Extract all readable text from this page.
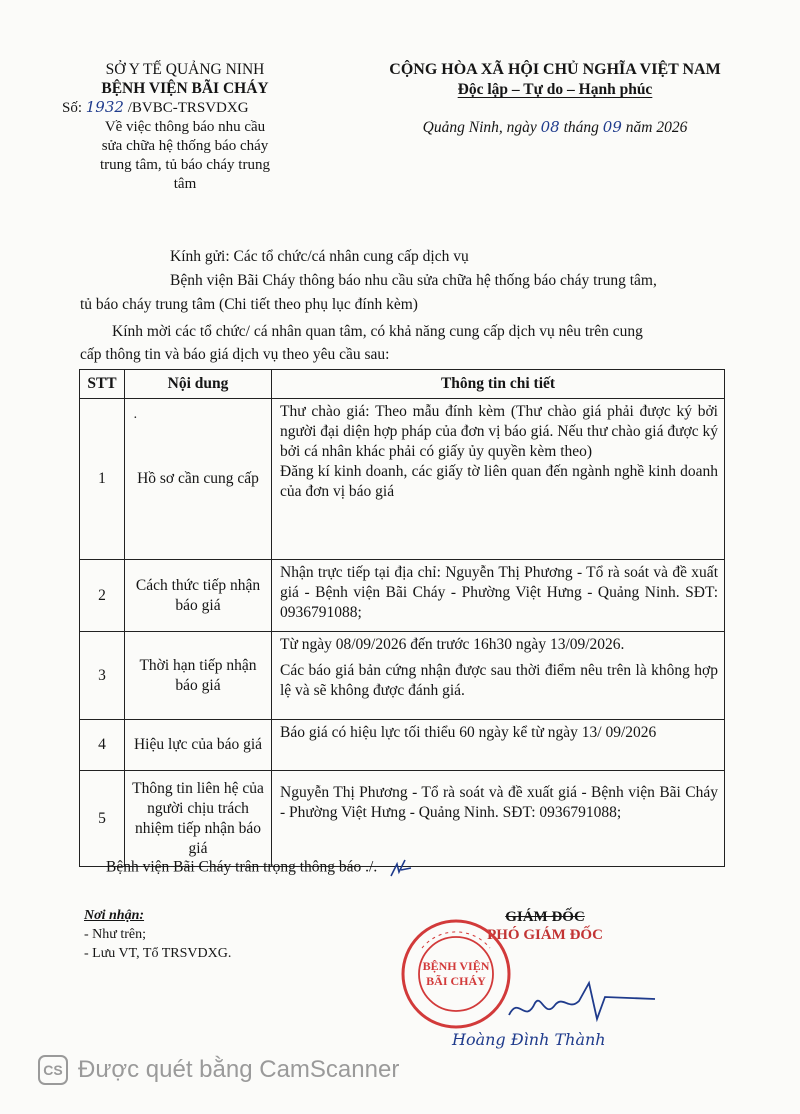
SỞ Y TẾ QUẢNG NINH
BỆNH VIỆN BÃI CHÁY
Số: 1932 /BVBC-TRSVDXG
Về việc thông báo nhu cầu
sửa chữa hệ thống báo cháy
trung tâm, tủ báo cháy trung
tâm
CỘNG HÒA XÃ HỘI CHỦ NGHĨA VIỆT NAM
Độc lập – Tự do – Hạnh phúc
Quảng Ninh, ngày 08 tháng 09 năm 2026
Kính gửi: Các tổ chức/cá nhân cung cấp dịch vụ
Bệnh viện Bãi Cháy thông báo nhu cầu sửa chữa hệ thống báo cháy trung tâm,
tủ báo cháy trung tâm (Chi tiết theo phụ lục đính kèm)
Kính mời các tổ chức/ cá nhân quan tâm, có khả năng cung cấp dịch vụ nêu trên cung
cấp thông tin và báo giá dịch vụ theo yêu cầu sau:
STT	Nội dung	Thông tin chi tiết
1	Hồ sơ cần cung cấp	Thư chào giá: Theo mẫu đính kèm (Thư chào giá phải được ký bởi người đại diện hợp pháp của đơn vị báo giá. Nếu thư chào giá được ký bởi cá nhân khác phải có giấy ủy quyền kèm theo)
Đăng kí kinh doanh, các giấy tờ liên quan đến ngành nghề kinh doanh của đơn vị báo giá

2	Cách thức tiếp nhận báo giá	Nhận trực tiếp tại địa chỉ: Nguyễn Thị Phương - Tổ rà soát và đề xuất giá - Bệnh viện Bãi Cháy - Phường Việt Hưng - Quảng Ninh. SĐT: 0936791088;

3	Thời hạn tiếp nhận báo giá	Từ ngày 08/09/2026 đến trước 16h30 ngày 13/09/2026.
Các báo giá bản cứng nhận được sau thời điểm nêu trên là không hợp lệ và sẽ không được đánh giá.

4	Hiệu lực của báo giá	Báo giá có hiệu lực tối thiểu 60 ngày kể từ ngày 13/ 09/2026

5	Thông tin liên hệ của người chịu trách nhiệm tiếp nhận báo giá	Nguyễn Thị Phương - Tổ rà soát và đề xuất giá - Bệnh viện Bãi Cháy - Phường Việt Hưng - Quảng Ninh. SĐT: 0936791088;
·
Bệnh viện Bãi Cháy trân trọng thông báo ./.
Nơi nhận:
- Như trên;
- Lưu VT, Tổ TRSVDXG.
GIÁM ĐỐC
PHÓ GIÁM ĐỐC
BỆNH VIỆN
BÃI CHÁY
Hoàng Đình Thành
CS Được quét bằng CamScanner
